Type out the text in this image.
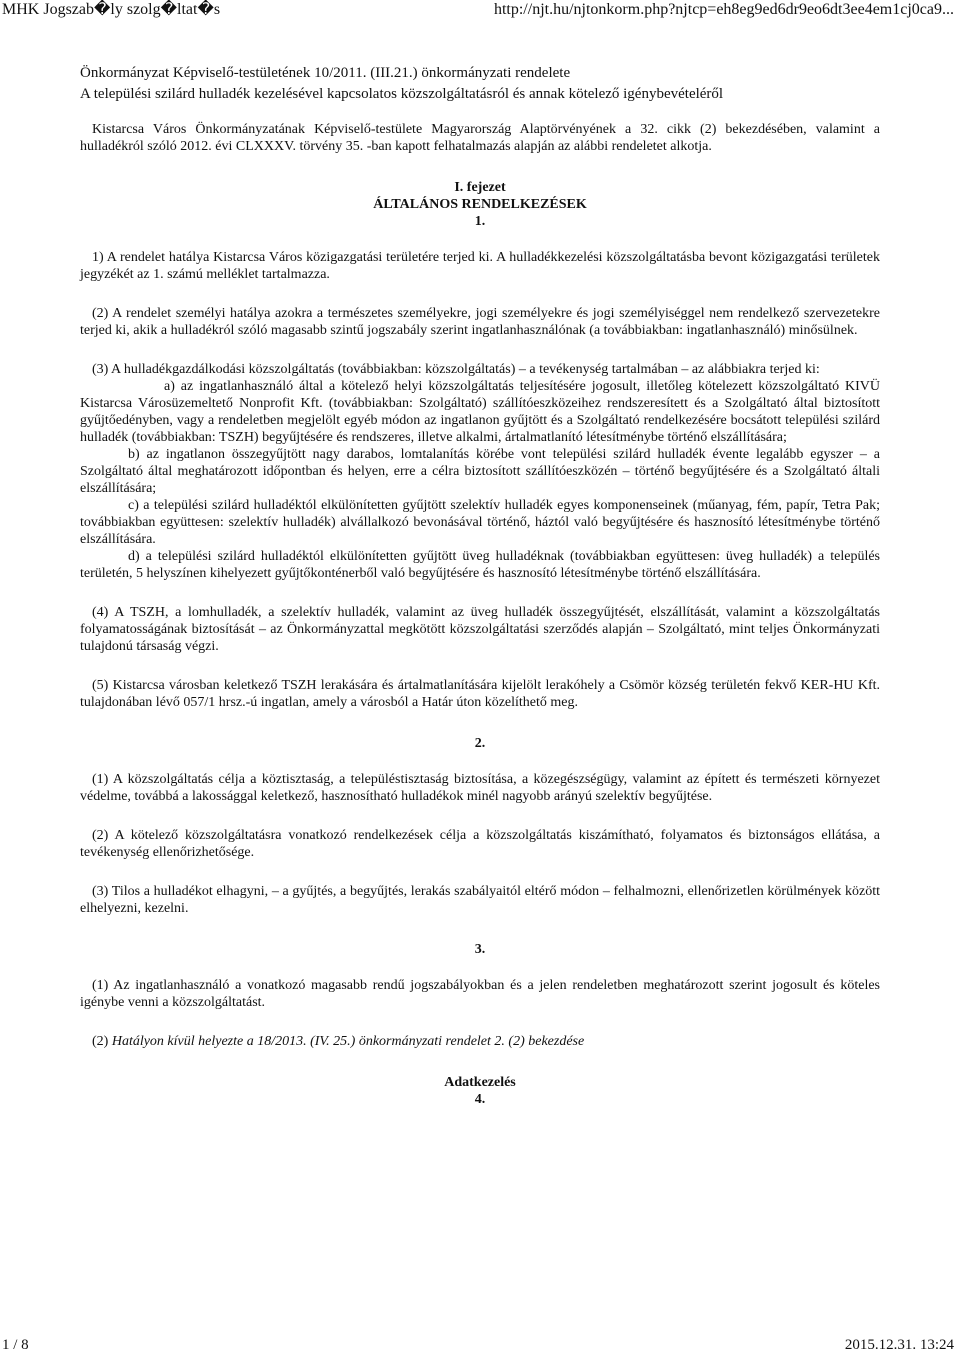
MHK Jogszab�ly szolg�ltat�s	http://njt.hu/njtonkorm.php?njtcp=eh8eg9ed6dr9eo6dt3ee4em1cj0ca9...
Önkormányzat Képviselő-testületének 10/2011. (III.21.) önkormányzati rendelete
A települési szilárd hulladék kezelésével kapcsolatos közszolgáltatásról és annak kötelező igénybevételéről

Kistarcsa Város Önkormányzatának Képviselő-testülete Magyarország Alaptörvényének a 32. cikk (2) bekezdésében, valamint a hulladékról szóló 2012. évi CLXXXV. törvény 35. -ban kapott felhatalmazás alapján az alábbi rendeletet alkotja.

I. fejezet
ÁLTALÁNOS RENDELKEZÉSEK
1.

1) A rendelet hatálya Kistarcsa Város közigazgatási területére terjed ki. A hulladékkezelési közszolgáltatásba bevont közigazgatási területek jegyzékét az 1. számú melléklet tartalmazza.

(2) A rendelet személyi hatálya azokra a természetes személyekre, jogi személyekre és jogi személyiséggel nem rendelkező szervezetekre terjed ki, akik a hulladékról szóló magasabb szintű jogszabály szerint ingatlanhasználónak (a továbbiakban: ingatlanhasználó) minősülnek.

(3) A hulladékgazdálkodási közszolgáltatás (továbbiakban: közszolgáltatás) – a tevékenység tartalmában – az alábbiakra terjed ki:

a) az ingatlanhasználó által a kötelező helyi közszolgáltatás teljesítésére jogosult, illetőleg kötelezett közszolgáltató KIVÜ Kistarcsa Városüzemeltető Nonprofit Kft. (továbbiakban: Szolgáltató) szállítóeszközeihez rendszeresített és a Szolgáltató által biztosított gyűjtőedényben, vagy a rendeletben megjelölt egyéb módon az ingatlanon gyűjtött és a Szolgáltató rendelkezésére bocsátott települési szilárd hulladék (továbbiakban: TSZH) begyűjtésére és rendszeres, illetve alkalmi, ártalmatlanító létesítménybe történő elszállítására;

b) az ingatlanon összegyűjtött nagy darabos, lomtalanítás körébe vont települési szilárd hulladék évente legalább egyszer – a Szolgáltató által meghatározott időpontban és helyen, erre a célra biztosított szállítóeszközén – történő begyűjtésére és a Szolgáltató általi elszállítására;

c) a települési szilárd hulladéktól elkülönítetten gyűjtött szelektív hulladék egyes komponenseinek (műanyag, fém, papír, Tetra Pak; továbbiakban együttesen: szelektív hulladék) alvállalkozó bevonásával történő, háztól való begyűjtésére és hasznosító létesítménybe történő elszállítására.

d) a települési szilárd hulladéktól elkülönítetten gyűjtött üveg hulladéknak (továbbiakban együttesen: üveg hulladék) a település területén, 5 helyszínen kihelyezett gyűjtőkonténerből való begyűjtésére és hasznosító létesítménybe történő elszállítására.

(4) A TSZH, a lomhulladék, a szelektív hulladék, valamint az üveg hulladék összegyűjtését, elszállítását, valamint a közszolgáltatás folyamatosságának biztosítását – az Önkormányzattal megkötött közszolgáltatási szerződés alapján – Szolgáltató, mint teljes Önkormányzati tulajdonú társaság végzi.

(5) Kistarcsa városban keletkező TSZH lerakására és ártalmatlanítására kijelölt lerakóhely a Csömör község területén fekvő KER-HU Kft. tulajdonában lévő 057/1 hrsz.-ú ingatlan, amely a városból a Határ úton közelíthető meg.

2.

(1) A közszolgáltatás célja a köztisztaság, a településtisztaság biztosítása, a közegészségügy, valamint az épített és természeti környezet védelme, továbbá a lakossággal keletkező, hasznosítható hulladékok minél nagyobb arányú szelektív begyűjtése.

(2) A kötelező közszolgáltatásra vonatkozó rendelkezések célja a közszolgáltatás kiszámítható, folyamatos és biztonságos ellátása, a tevékenység ellenőrizhetősége.

(3) Tilos a hulladékot elhagyni, – a gyűjtés, a begyűjtés, lerakás szabályaitól eltérő módon – felhalmozni, ellenőrizetlen körülmények között elhelyezni, kezelni.

3.

(1) Az ingatlanhasználó a vonatkozó magasabb rendű jogszabályokban és a jelen rendeletben meghatározott szerint jogosult és köteles igénybe venni a közszolgáltatást.

(2) Hatályon kívül helyezte a 18/2013. (IV. 25.) önkormányzati rendelet 2. (2) bekezdése

Adatkezelés
4.
1 / 8	2015.12.31. 13:24
